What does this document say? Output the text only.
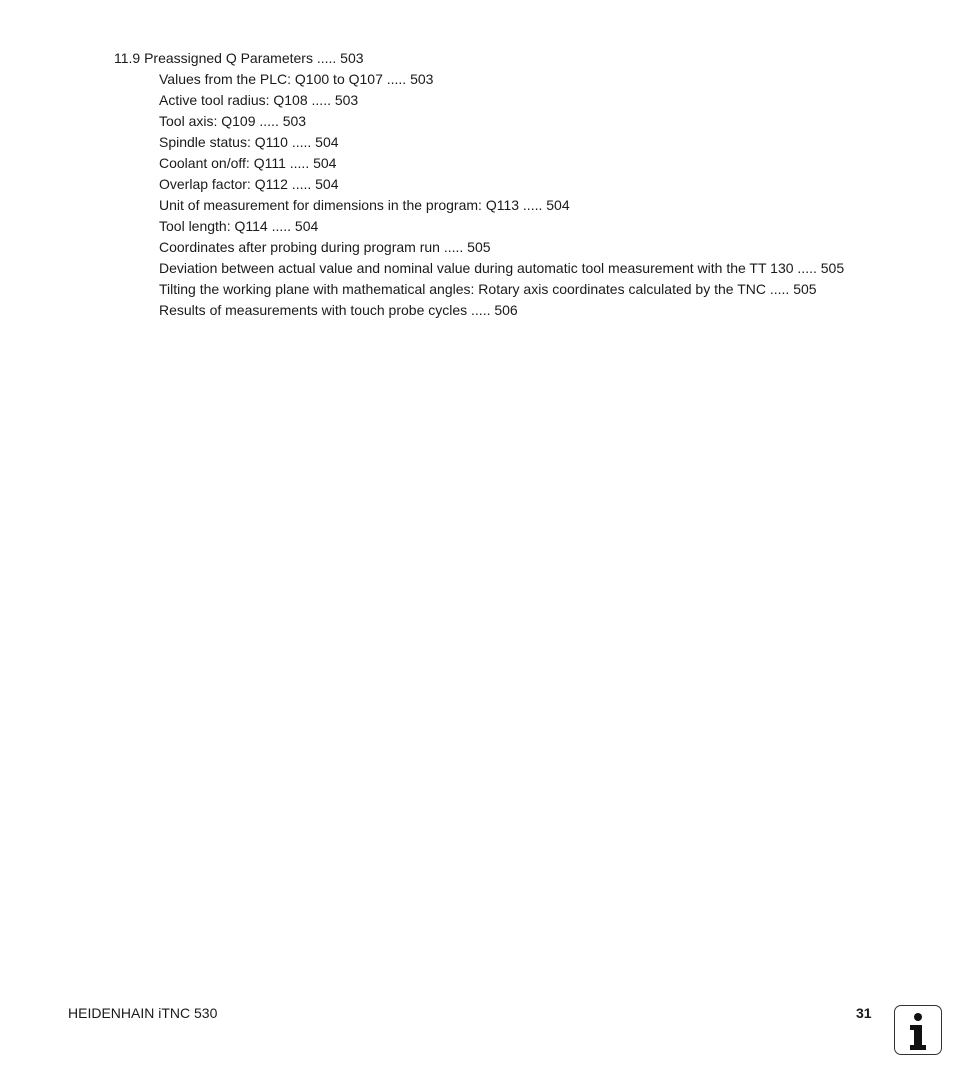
11.9 Preassigned Q Parameters ..... 503
Values from the PLC: Q100 to Q107 ..... 503
Active tool radius: Q108 ..... 503
Tool axis: Q109 ..... 503
Spindle status: Q110 ..... 504
Coolant on/off: Q111 ..... 504
Overlap factor: Q112 ..... 504
Unit of measurement for dimensions in the program: Q113 ..... 504
Tool length: Q114 ..... 504
Coordinates after probing during program run ..... 505
Deviation between actual value and nominal value during automatic tool measurement with the TT 130 ..... 505
Tilting the working plane with mathematical angles: Rotary axis coordinates calculated by the TNC ..... 505
Results of measurements with touch probe cycles ..... 506
HEIDENHAIN iTNC 530	31
